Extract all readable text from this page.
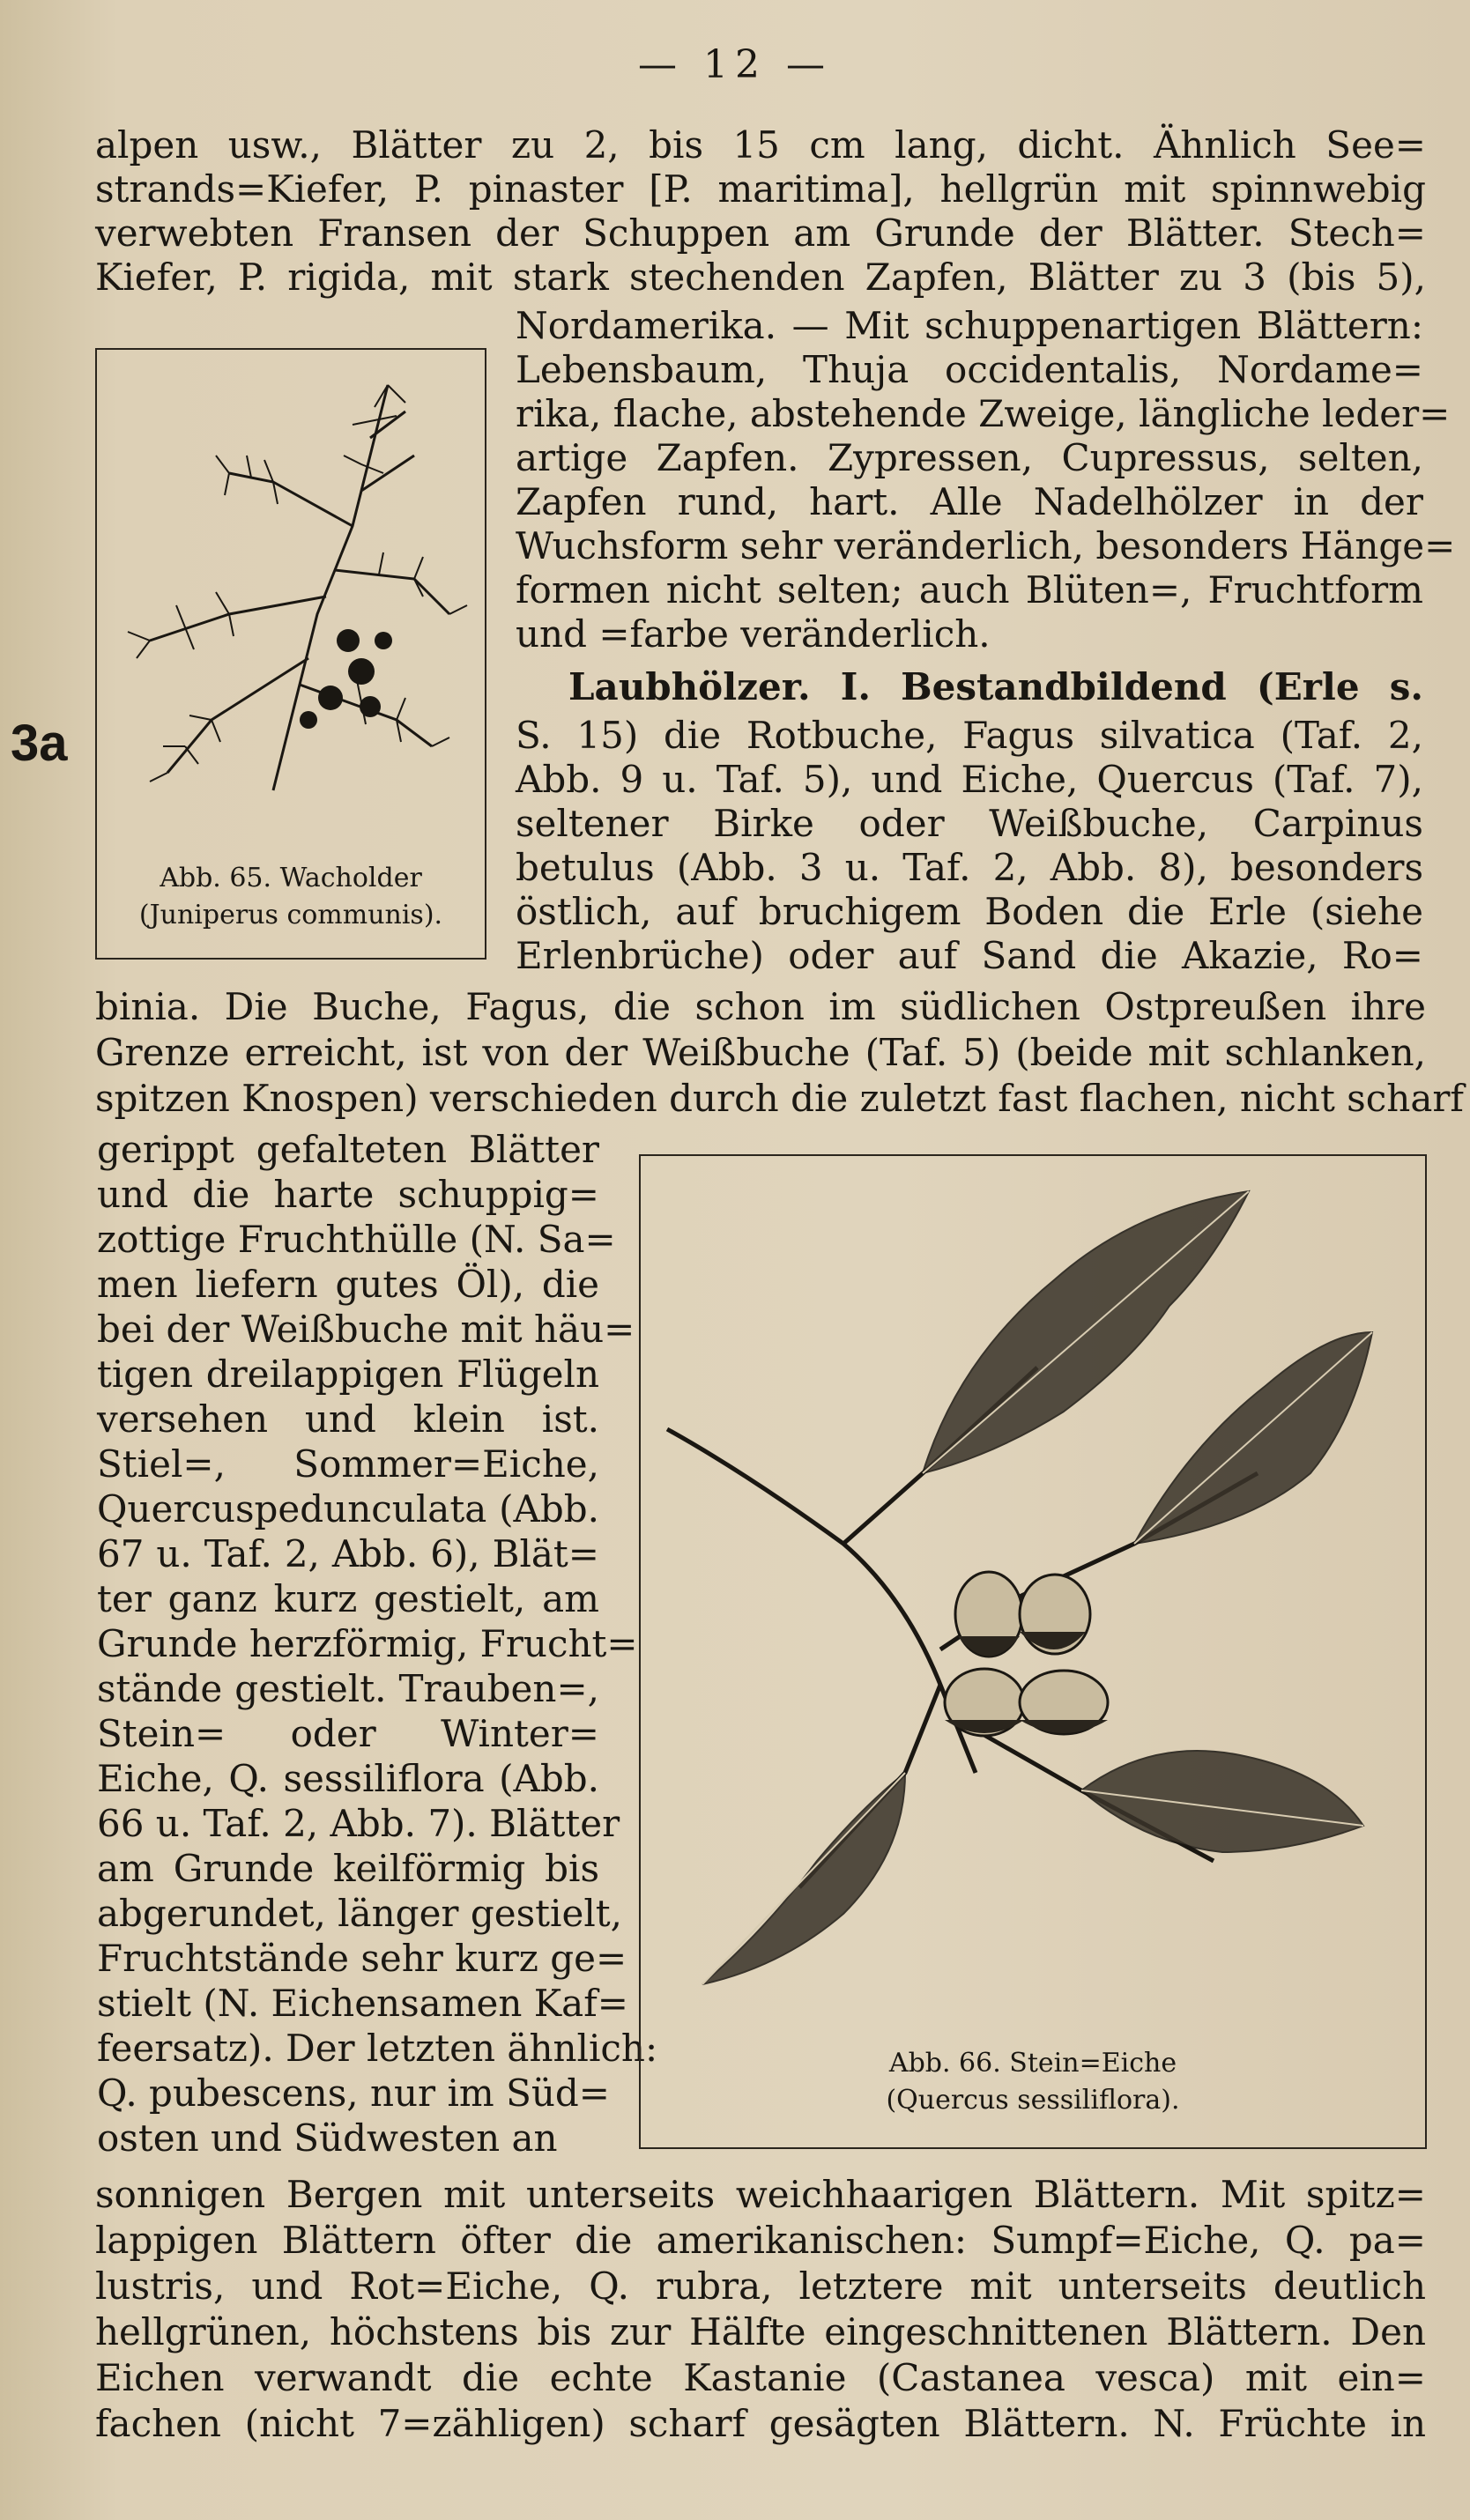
— 12 —
3a
alpen usw., Blätter zu 2, bis 15 cm lang, dicht. Ähnlich See=
strands=Kiefer, P. pinaster [P. maritima], hellgrün mit spinnwebig
verwebten Fransen der Schuppen am Grunde der Blätter. Stech=
Kiefer, P. rigida, mit stark stechenden Zapfen, Blätter zu 3 (bis 5),
Abb. 65. Wacholder
(Juniperus communis).
Nordamerika. — Mit schuppenartigen Blättern:
Lebensbaum, Thuja occidentalis, Nordame=
rika, flache, abstehende Zweige, längliche leder=
artige Zapfen. Zypressen, Cupressus, selten,
Zapfen rund, hart. Alle Nadelhölzer in der
Wuchsform sehr veränderlich, besonders Hänge=
formen nicht selten; auch Blüten=, Fruchtform
und =farbe veränderlich.
Laubhölzer. I. Bestandbildend (Erle s.
S. 15) die Rotbuche, Fagus silvatica (Taf. 2,
Abb. 9 u. Taf. 5), und Eiche, Quercus (Taf. 7),
seltener Birke oder Weißbuche, Carpinus
betulus (Abb. 3 u. Taf. 2, Abb. 8), besonders
östlich, auf bruchigem Boden die Erle (siehe
Erlenbrüche) oder auf Sand die Akazie, Ro=
binia. Die Buche, Fagus, die schon im südlichen Ostpreußen ihre
Grenze erreicht, ist von der Weißbuche (Taf. 5) (beide mit schlanken,
spitzen Knospen) verschieden durch die zuletzt fast flachen, nicht scharf
gerippt gefalteten Blätter
und die harte schuppig=
zottige Fruchthülle (N. Sa=
men liefern gutes Öl), die
bei der Weißbuche mit häu=
tigen dreilappigen Flügeln
versehen und klein ist.
Stiel=, Sommer=Eiche,
Quercuspedunculata (Abb.
67 u. Taf. 2, Abb. 6), Blät=
ter ganz kurz gestielt, am
Grunde herzförmig, Frucht=
stände gestielt. Trauben=,
Stein= oder Winter=
Eiche, Q. sessiliflora (Abb.
66 u. Taf. 2, Abb. 7). Blätter
am Grunde keilförmig bis
abgerundet, länger gestielt,
Fruchtstände sehr kurz ge=
stielt (N. Eichensamen Kaf=
feersatz). Der letzten ähnlich:
Q. pubescens, nur im Süd=
osten und Südwesten an
Abb. 66. Stein=Eiche
(Quercus sessiliflora).
sonnigen Bergen mit unterseits weichhaarigen Blättern. Mit spitz=
lappigen Blättern öfter die amerikanischen: Sumpf=Eiche, Q. pa=
lustris, und Rot=Eiche, Q. rubra, letztere mit unterseits deutlich
hellgrünen, höchstens bis zur Hälfte eingeschnittenen Blättern. Den
Eichen verwandt die echte Kastanie (Castanea vesca) mit ein=
fachen (nicht 7=zähligen) scharf gesägten Blättern. N. Früchte in
